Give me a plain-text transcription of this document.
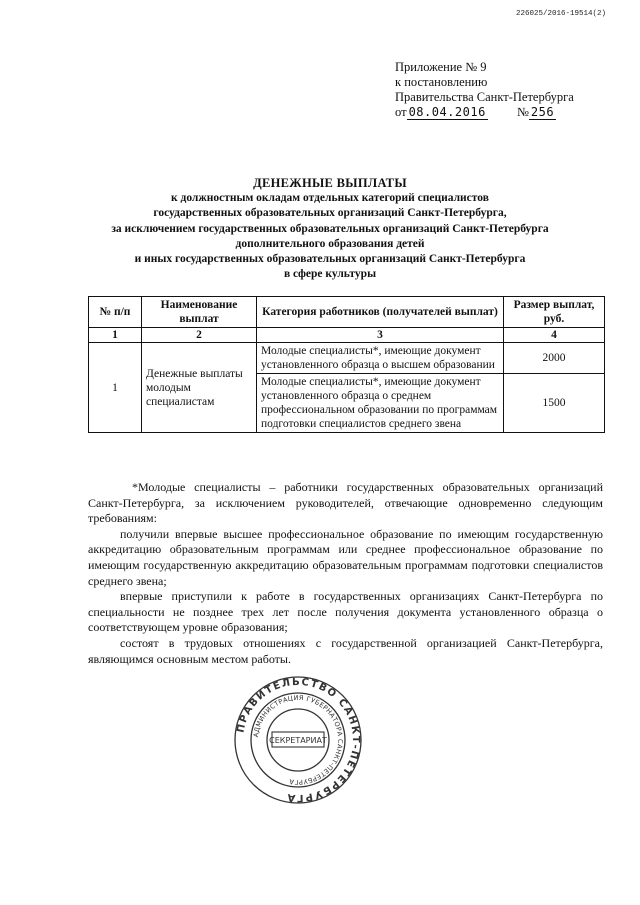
226025/2016-19514(2)
Приложение № 9
к постановлению
Правительства Санкт-Петербурга
от 08.04.2016 № 256
ДЕНЕЖНЫЕ ВЫПЛАТЫ
к должностным окладам отдельных категорий специалистов
государственных образовательных организаций Санкт-Петербурга,
за исключением государственных образовательных организаций Санкт-Петербурга
дополнительного образования детей
и иных государственных образовательных организаций Санкт-Петербурга
в сфере культуры
№ п/п	Наименование выплат	Категория работников (получателей выплат)	Размер выплат, руб.
1	2	3	4
1	Денежные выплаты молодым специалистам	Молодые специалисты*, имеющие документ установленного образца о высшем образовании	2000
		Молодые специалисты*, имеющие документ установленного образца о среднем профессиональном образовании по программам подготовки специалистов среднего звена	1500

*Молодые специалисты – работники государственных образовательных организаций Санкт-Петербурга, за исключением руководителей, отвечающие одновременно следующим требованиям:

получили впервые высшее профессиональное образование по имеющим государственную аккредитацию образовательным программам или среднее профессиональное образование по имеющим государственную аккредитацию образовательным программам подготовки специалистов среднего звена;

впервые приступили к работе в государственных организациях Санкт-Петербурга по специальности не позднее трех лет после получения документа установленного образца о соответствующем уровне образования;

состоят в трудовых отношениях с государственной организацией Санкт-Петербурга, являющимся основным местом работы.

ПРАВИТЕЛЬСТВО САНКТ-ПЕТЕРБУРГА
АДМИНИСТРАЦИЯ ГУБЕРНАТОРА САНКТ-ПЕТЕРБУРГА
СЕКРЕТАРИАТ
